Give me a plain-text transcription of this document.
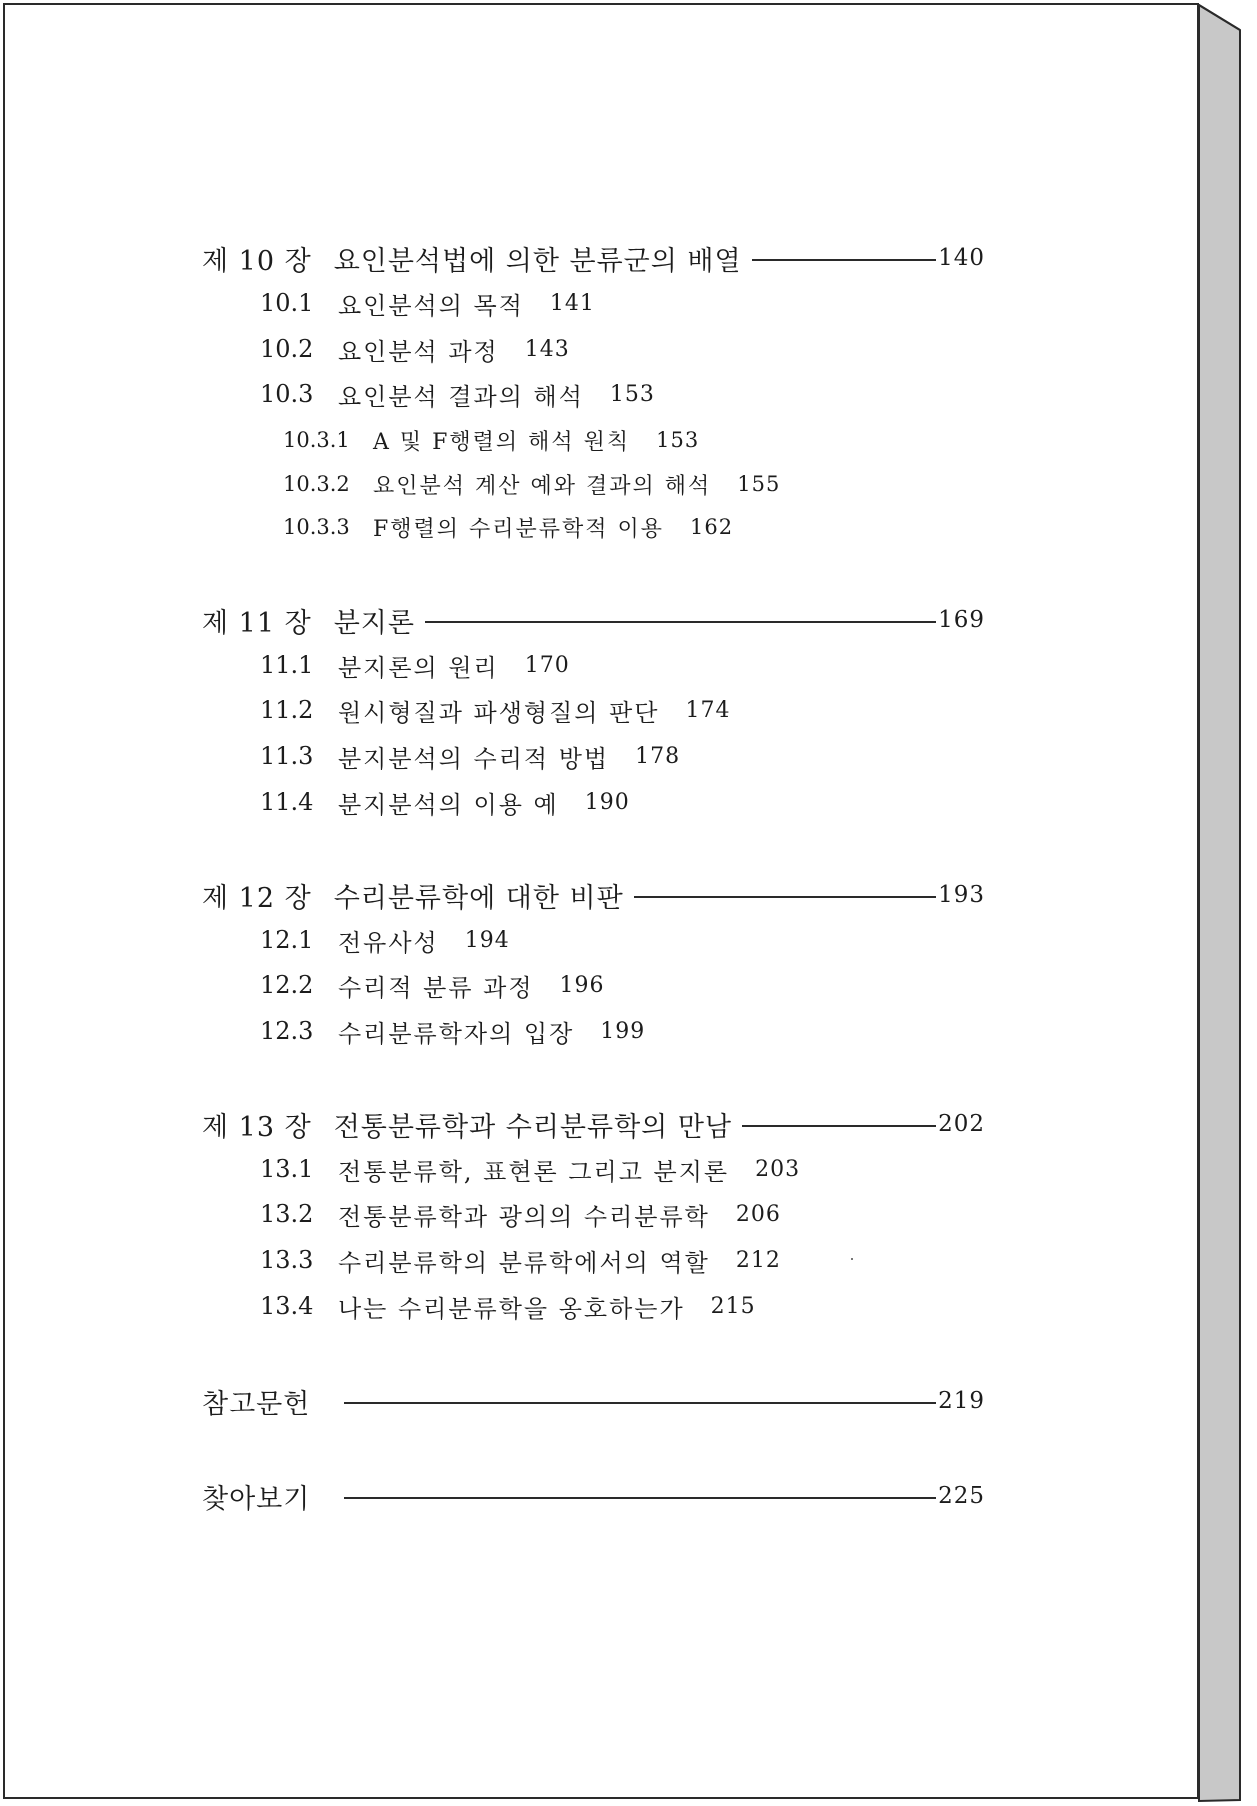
제 10 장 요인분석법에 의한 분류군의 배열	140
10.1	요인분석의 목적 141
10.2	요인분석 과정 143
10.3	요인분석 결과의 해석 153
10.3.1	A 및 F행렬의 해석 원칙 153
10.3.2	요인분석 계산 예와 결과의 해석 155
10.3.3	F행렬의 수리분류학적 이용 162
제 11 장 분지론	169
11.1	분지론의 원리 170
11.2	원시형질과 파생형질의 판단 174
11.3	분지분석의 수리적 방법 178
11.4	분지분석의 이용 예 190
제 12 장 수리분류학에 대한 비판	193
12.1	전유사성 194
12.2	수리적 분류 과정 196
12.3	수리분류학자의 입장 199
제 13 장 전통분류학과 수리분류학의 만남	202
13.1	전통분류학, 표현론 그리고 분지론 203
13.2	전통분류학과 광의의 수리분류학 206
13.3	수리분류학의 분류학에서의 역할 212
13.4	나는 수리분류학을 옹호하는가 215
참고문헌	219
찾아보기	225
